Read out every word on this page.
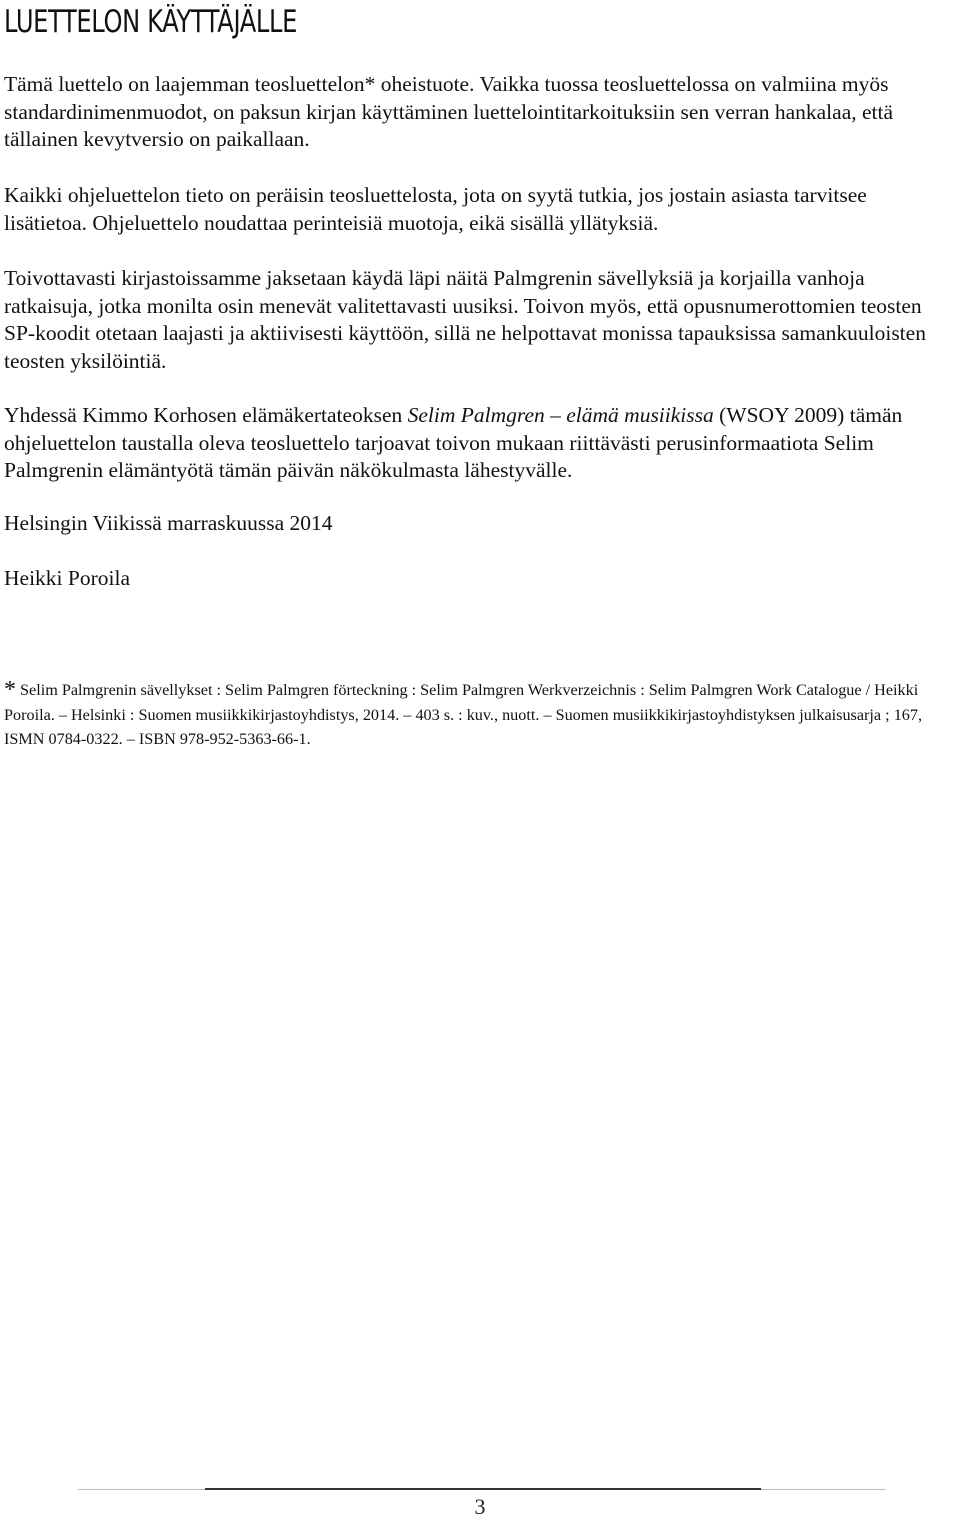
LUETTELON KÄYTTÄJÄLLE

Tämä luettelo on laajemman teosluettelon* oheistuote. Vaikka tuossa teosluettelossa on valmiina myös standardinimenmuodot, on paksun kirjan käyttäminen luettelointitarkoituksiin sen verran hankalaa, että tällainen kevytversio on paikallaan.

Kaikki ohjeluettelon tieto on peräisin teosluettelosta, jota on syytä tutkia, jos jostain asiasta tarvitsee lisätietoa. Ohjeluettelo noudattaa perinteisiä muotoja, eikä sisällä yllätyksiä.

Toivottavasti kirjastoissamme jaksetaan käydä läpi näitä Palmgrenin sävellyksiä ja korjailla vanhoja ratkaisuja, jotka monilta osin menevät valitettavasti uusiksi. Toivon myös, että opusnumerottomien teosten SP-koodit otetaan laajasti ja aktiivisesti käyttöön, sillä ne helpottavat monissa tapauksissa samankuuloisten teosten yksilöintiä.

Yhdessä Kimmo Korhosen elämäkertateoksen Selim Palmgren – elämä musiikissa (WSOY 2009) tämän ohjeluettelon taustalla oleva teosluettelo tarjoavat toivon mukaan riittävästi perusinformaatiota Selim Palmgrenin elämäntyötä tämän päivän näkökulmasta lähestyvälle.

Helsingin Viikissä marraskuussa 2014

Heikki Poroila

* Selim Palmgrenin sävellykset : Selim Palmgren förteckning : Selim Palmgren Werkverzeichnis : Selim Palmgren Work Catalogue / Heikki Poroila. – Helsinki : Suomen musiikkikirjastoyhdistys, 2014. – 403 s. : kuv., nuott. – Suomen musiikkikirjastoyhdistyksen julkaisusarja ; 167, ISMN 0784-0322. – ISBN 978-952-5363-66-1.

3
